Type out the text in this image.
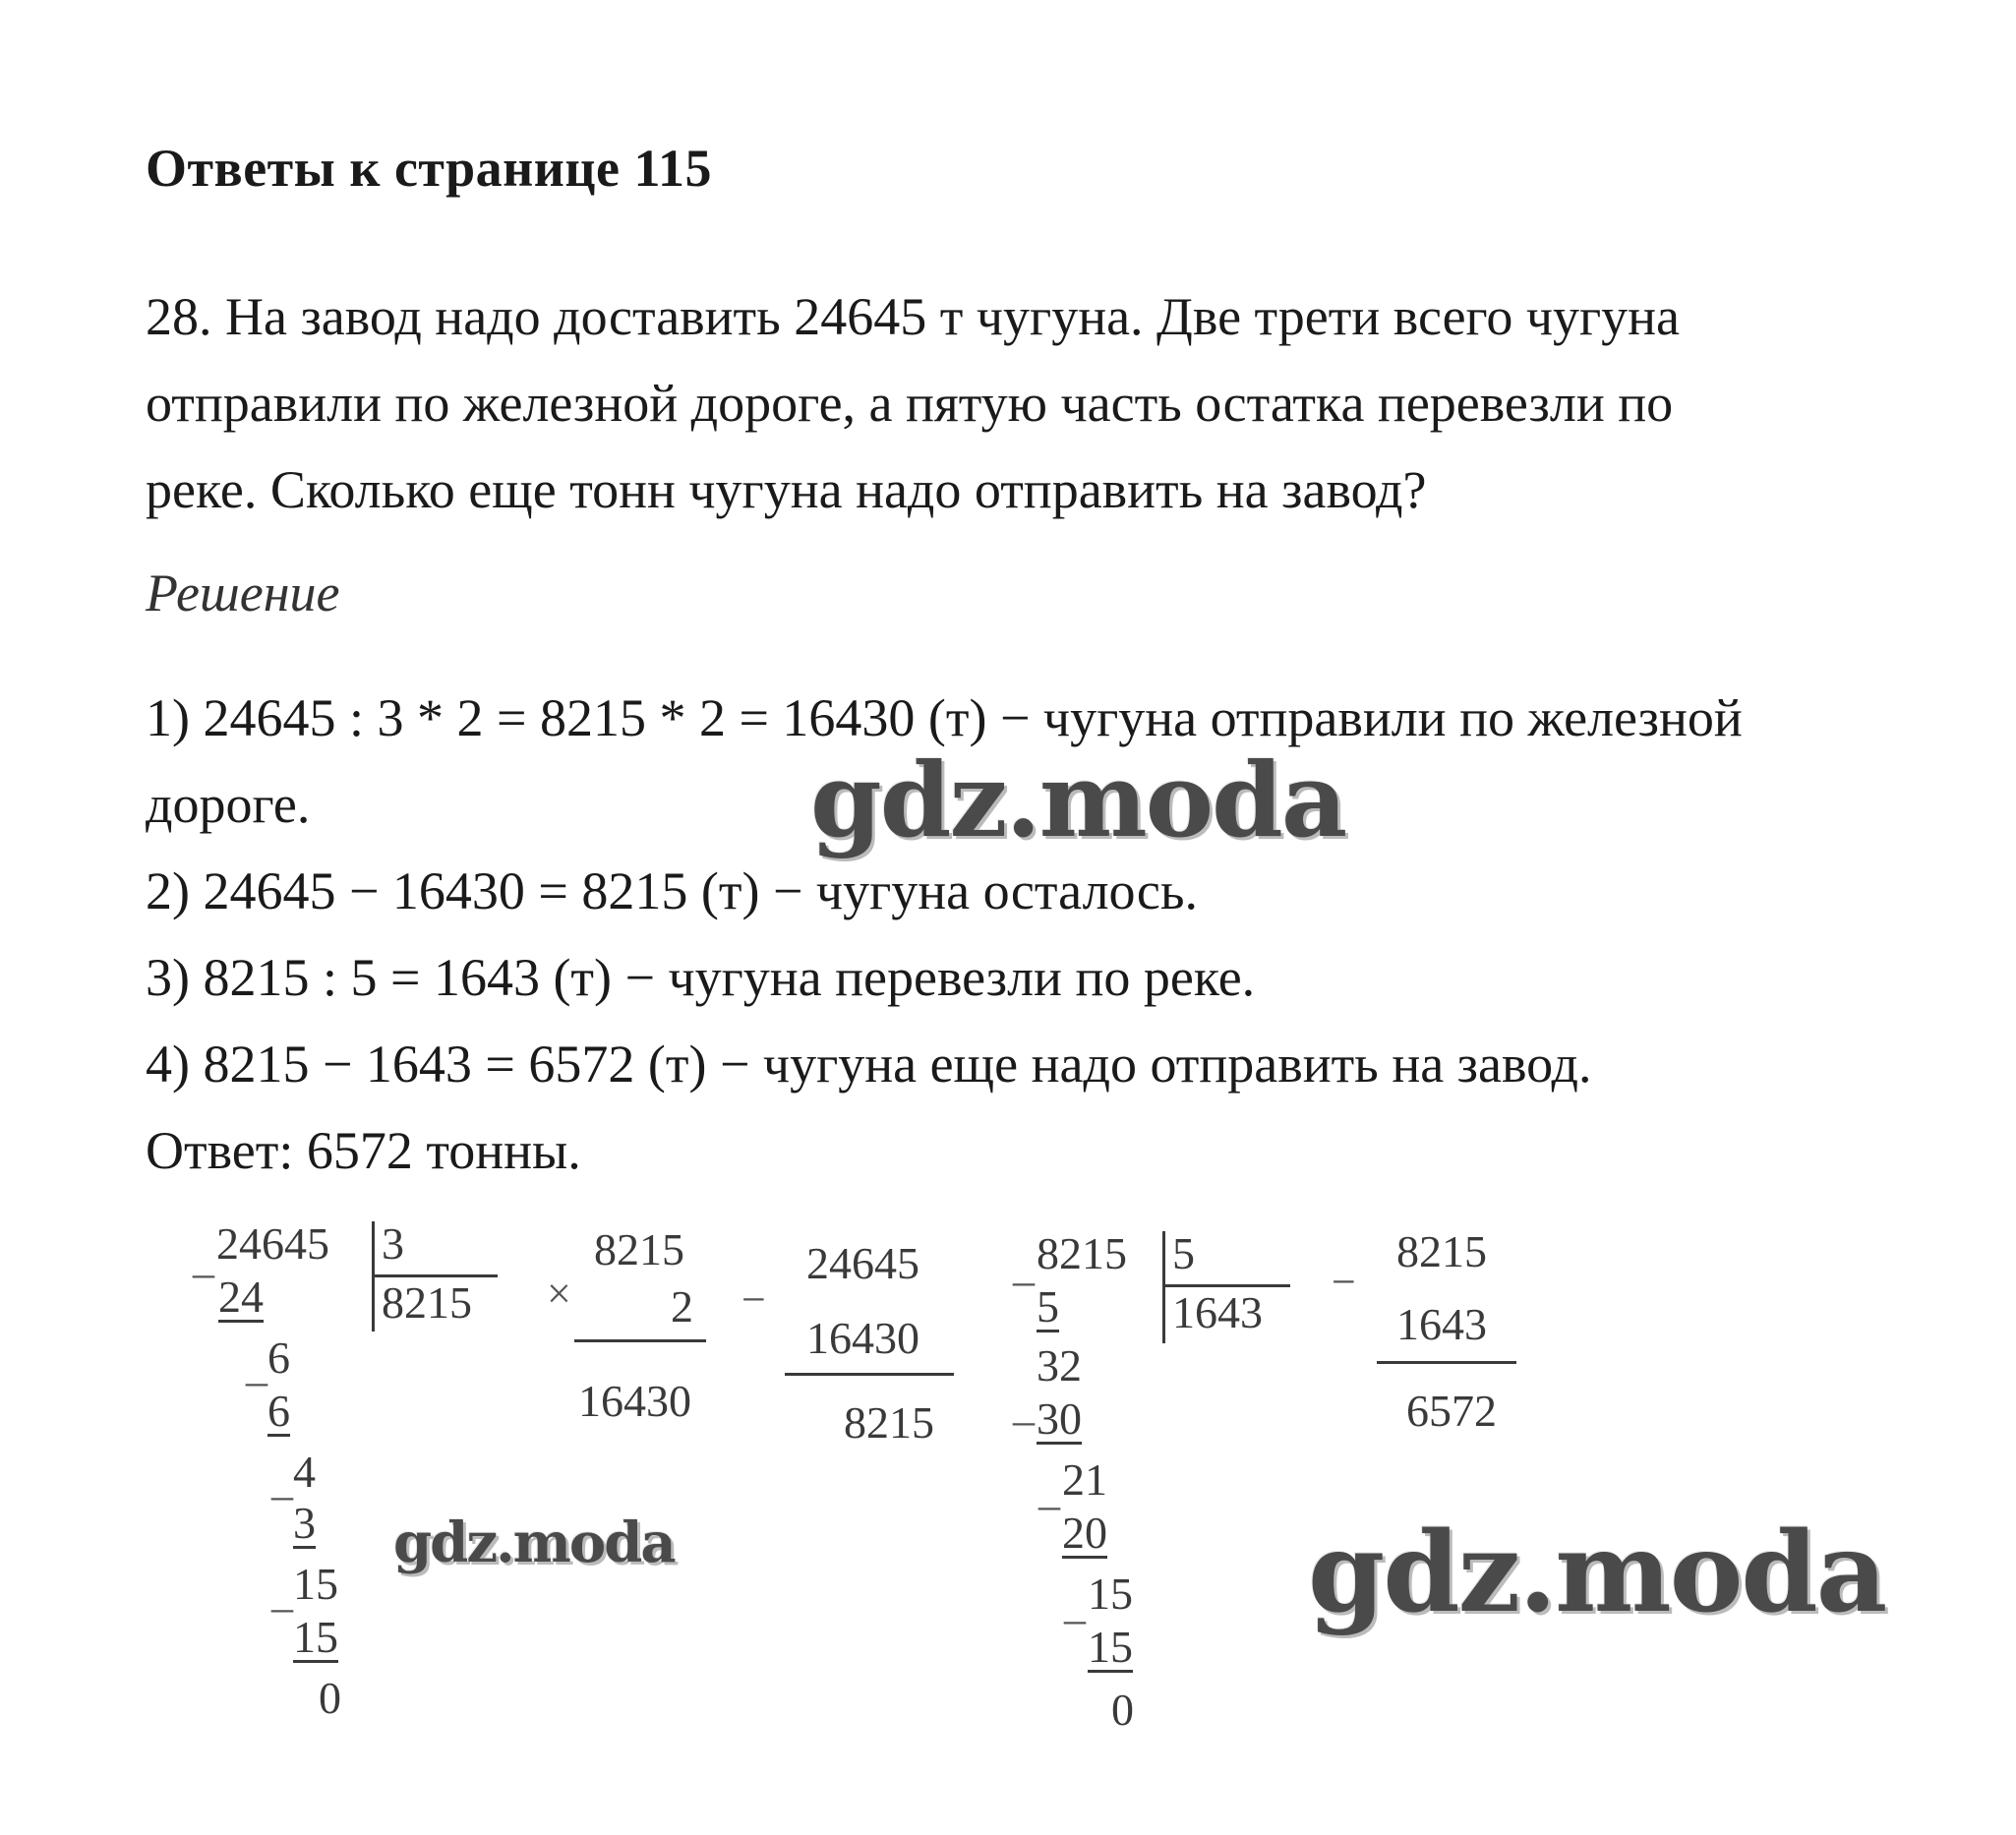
Ответы к странице 115
28. На завод надо доставить 24645 т чугуна. Две трети всего чугуна
отправили по железной дороге, а пятую часть остатка перевезли по
реке. Сколько еще тонн чугуна надо отправить на завод?
Решение
1) 24645 : 3 * 2 = 8215 * 2 = 16430 (т) − чугуна отправили по железной
дороге.
2) 24645 − 16430 = 8215 (т) − чугуна осталось.
3) 8215 : 5 = 1643 (т) − чугуна перевезли по реке.
4) 8215 − 1643 = 6572 (т) − чугуна еще надо отправить на завод.
Ответ: 6572 тонны.
_ 24645 3
8215
24
_ 6
6
_ 4
3
_ 15
15
0
×
8215
2
16430
−
24645
16430
8215
_ 8215 5
1643
5
32
_ 30
_ 21
20
_ 15
15
0
−
8215
1643
6572
gdz.moda
gdz.moda	gdz.moda
